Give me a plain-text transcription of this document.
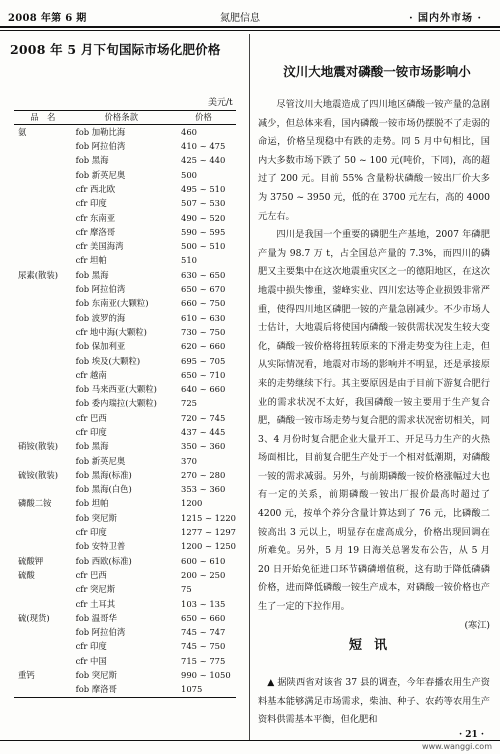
2008 年第 6 期	氮肥信息	· 国内外市场 ·
2008 年 5 月下旬国际市场化肥价格
美元/t
品　名	价格条款	价格
氨	fob 加勒比海	460
	fob 阿拉伯湾	410 ~ 475
	fob 黑海	425 ~ 440
	fob 新英尼奥	500
	cfr 西北欧	495 ~ 510
	cfr 印度	507 ~ 530
	cfr 东南亚	490 ~ 520
	cfr 摩洛哥	590 ~ 595
	cfr 美国海湾	500 ~ 510
	cfr 坦帕	510
尿素(散装)	fob 黑海	630 ~ 650
	fob 阿拉伯湾	650 ~ 670
	fob 东南亚(大颗粒)	660 ~ 750
	fob 波罗的海	610 ~ 630
	cfr 地中海(大颗粒)	730 ~ 750
	fob 保加利亚	620 ~ 660
	fob 埃及(大颗粒)	695 ~ 705
	cfr 越南	650 ~ 710
	fob 马来西亚(大颗粒)	640 ~ 660
	fob 委内瑞拉(大颗粒)	725
	cfr 巴西	720 ~ 745
	cfr 印度	437 ~ 445
硝铵(散装)	fob 黑海	350 ~ 360
	fob 新英尼奥	370
硫铵(散装)	fob 黑海(标准)	270 ~ 280
	fob 黑海(白色)	353 ~ 360
磷酸二铵	fob 坦帕	1200
	fob 突尼斯	1215 ~ 1220
	cfr 印度	1277 ~ 1297
	fob 安特卫普	1200 ~ 1250
硫酸钾	fob 西欧(标准)	600 ~ 610
硫酸	cfr 巴西	200 ~ 250
	cfr 突尼斯	75
	cfr 土耳其	103 ~ 135
硫(现货)	fob 温哥华	650 ~ 660
	fob 阿拉伯湾	745 ~ 747
	cfr 印度	745 ~ 750
	cfr 中国	715 ~ 775
重钙	fob 突尼斯	990 ~ 1050
	fob 摩洛哥	1075
汶川大地震对磷酸一铵市场影响小

尽管汶川大地震造成了四川地区磷酸一铵产量的急剧减少，但总体来看，国内磷酸一铵市场仍摆脱不了走弱的命运，价格呈现稳中有跌的走势。同 5 月中旬相比，国内大多数市场下跌了 50 ~ 100 元(吨价，下同)，高的超过了 200 元。目前 55% 含量粉状磷酸一铵出厂价大多为 3750 ~ 3950 元，低的在 3700 元左右，高的 4000 元左右。

四川是我国一个重要的磷肥生产基地，2007 年磷肥产量为 98.7 万 t，占全国总产量的 7.3%，而四川的磷肥又主要集中在这次地震重灾区之一的德阳地区，在这次地震中损失惨重，蓥峰实业、四川宏达等企业损毁非常严重，使得四川地区磷肥一铵的产量急剧减少。不少市场人士估计，大地震后将使国内磷酸一铵供需状况发生较大变化，磷酸一铵价格将扭转原来的下滑走势变为往上走，但从实际情况看，地震对市场的影响并不明显，还是承接原来的走势继续下行。其主要原因是由于目前下游复合肥行业的需求状况不太好，我国磷酸一铵主要用于生产复合肥，磷酸一铵市场走势与复合肥的需求状况密切相关，同 3、4 月份时复合肥企业大量开工、开足马力生产的火热场面相比，目前复合肥生产处于一个相对低潮期，对磷酸一铵的需求减弱。另外，与前期磷酸一铵价格涨幅过大也有一定的关系，前期磷酸一铵出厂报价最高时超过了 4200 元，按单个养分含量计算达到了 76 元，比磷酸二铵高出 3 元以上，明显存在虚高成分，价格出现回调在所难免。另外，5 月 19 日海关总署发布公告，从 5 月 20 日开始免征进口环节磷磷增值税，这有助于降低磷磷价格，进而降低磷酸一铵生产成本，对磷酸一铵价格也产生了一定的下拉作用。
(寒江)

短讯

▲ 据陕西省对该省 37 县的调查，今年春播农用生产资料基本能够满足市场需求，柴油、种子、农药等农用生产资料供需基本平衡，但化肥和

· 21 ·
www.wanggi.com
